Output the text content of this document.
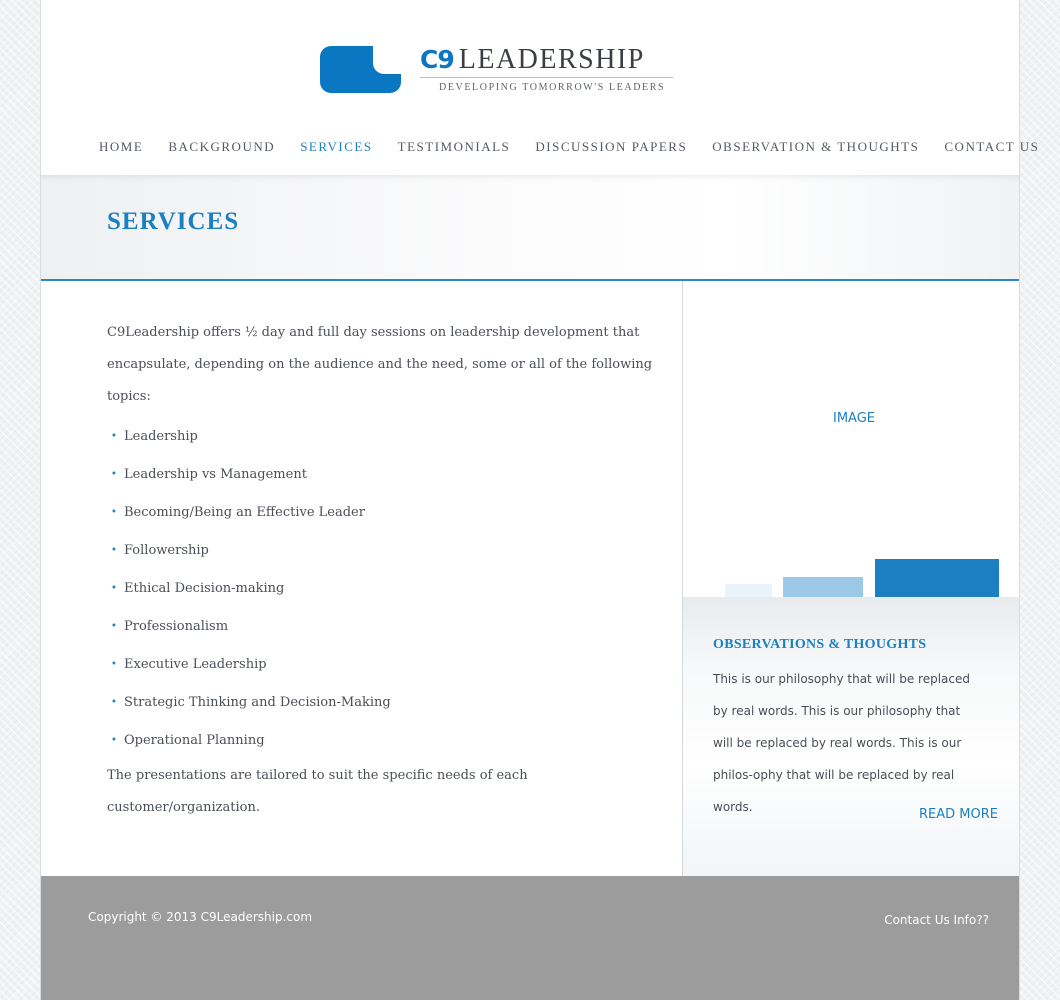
C9 LEADERSHIP
DEVELOPING TOMORROW'S LEADERS
HOME BACKGROUND SERVICES TESTIMONIALS DISCUSSION PAPERS OBSERVATION & THOUGHTS CONTACT US
SERVICES

C9Leadership offers ½ day and full day sessions on leadership development that encapsulate, depending on the audience and the need, some or all of the following topics:

• Leadership
• Leadership vs Management
• Becoming/Being an Effective Leader
• Followership
• Ethical Decision-making
• Professionalism
• Executive Leadership
• Strategic Thinking and Decision-Making
• Operational Planning

The presentations are tailored to suit the specific needs of each customer/organization.

IMAGE
OBSERVATIONS & THOUGHTS

This is our philosophy that will be replaced by real words. This is our philosophy that will be replaced by real words. This is our philos-ophy that will be replaced by real words.	READ MORE
Copyright © 2013 C9Leadership.com	Contact Us Info??
